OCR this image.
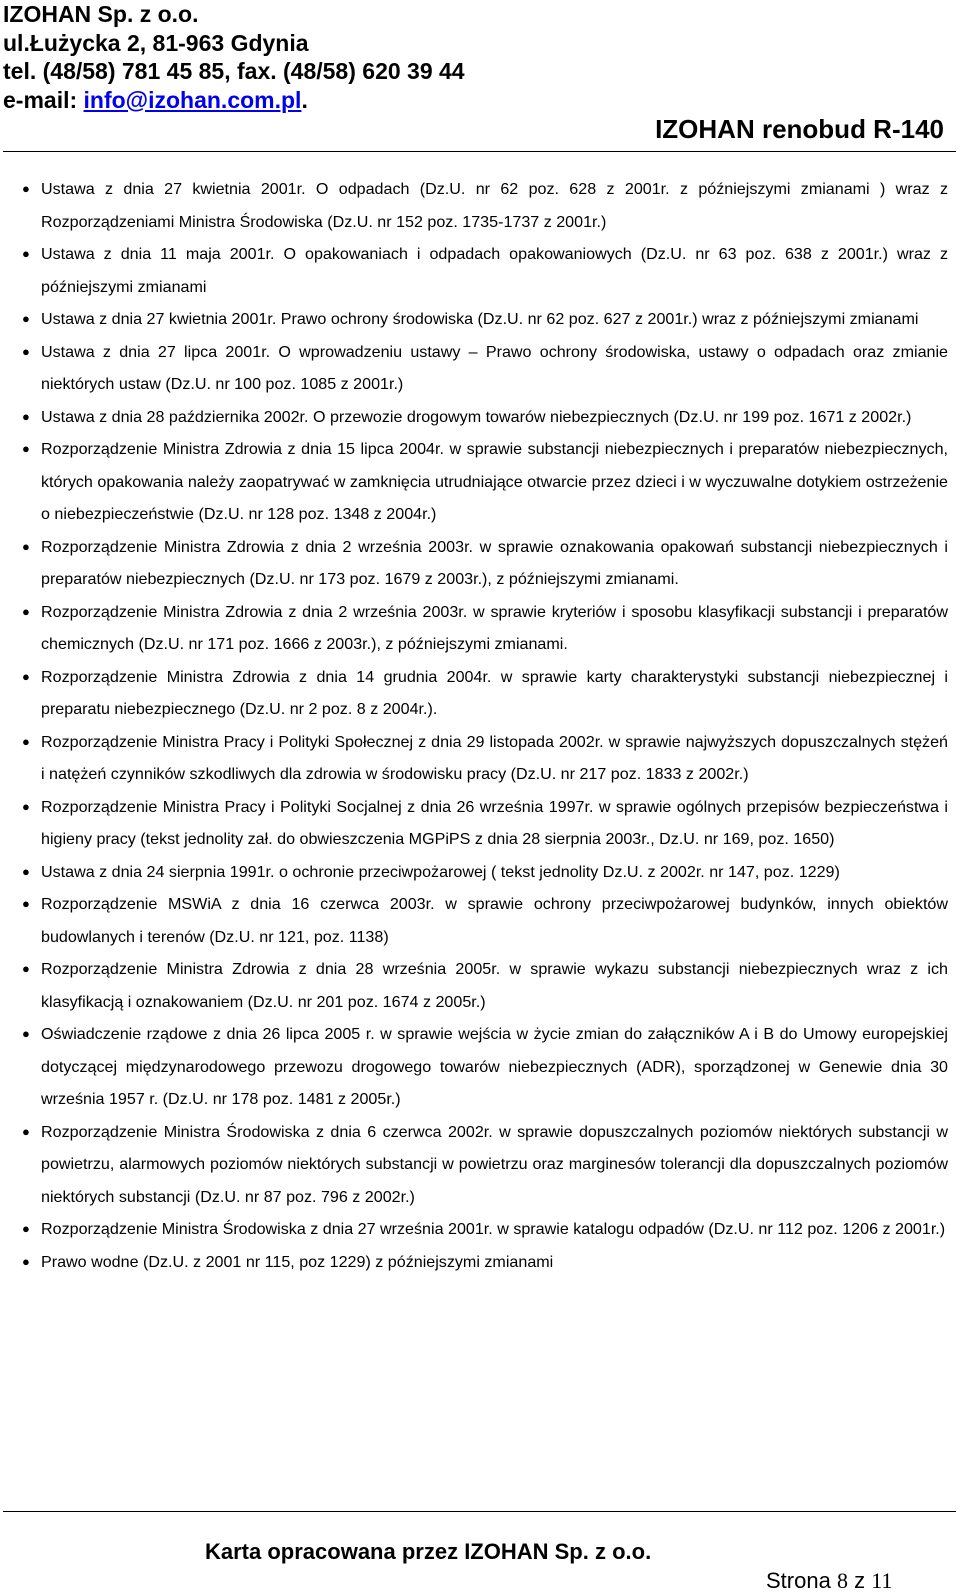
IZOHAN Sp. z o.o.

ul.Łużycka 2, 81-963 Gdynia

tel. (48/58) 781 45 85, fax. (48/58) 620 39 44

e-mail: info@izohan.com.pl.

IZOHAN renobud R-140

● Ustawa z dnia 27 kwietnia 2001r. O odpadach (Dz.U. nr 62 poz. 628 z 2001r. z późniejszymi zmianami ) wraz z Rozporządzeniami Ministra Środowiska (Dz.U. nr 152 poz. 1735-1737 z 2001r.)
● Ustawa z dnia 11 maja 2001r. O opakowaniach i odpadach opakowaniowych (Dz.U. nr 63 poz. 638 z 2001r.) wraz z późniejszymi zmianami
● Ustawa z dnia 27 kwietnia 2001r. Prawo ochrony środowiska (Dz.U. nr 62 poz. 627 z 2001r.) wraz z późniejszymi zmianami
● Ustawa z dnia 27 lipca 2001r. O wprowadzeniu ustawy – Prawo ochrony środowiska, ustawy o odpadach oraz zmianie niektórych ustaw (Dz.U. nr 100 poz. 1085 z 2001r.)
● Ustawa z dnia 28 października 2002r. O przewozie drogowym towarów niebezpiecznych (Dz.U. nr 199 poz. 1671 z 2002r.)
● Rozporządzenie Ministra Zdrowia z dnia 15 lipca 2004r. w sprawie substancji niebezpiecznych i preparatów niebezpiecznych, których opakowania należy zaopatrywać w zamknięcia utrudniające otwarcie przez dzieci i w wyczuwalne dotykiem ostrzeżenie o niebezpieczeństwie (Dz.U. nr 128 poz. 1348 z 2004r.)
● Rozporządzenie Ministra Zdrowia z dnia 2 września 2003r. w sprawie oznakowania opakowań substancji niebezpiecznych i preparatów niebezpiecznych (Dz.U. nr 173 poz. 1679 z 2003r.), z późniejszymi zmianami.
● Rozporządzenie Ministra Zdrowia z dnia 2 września 2003r. w sprawie kryteriów i sposobu klasyfikacji substancji i preparatów chemicznych (Dz.U. nr 171 poz. 1666 z 2003r.), z późniejszymi zmianami.
● Rozporządzenie Ministra Zdrowia z dnia 14 grudnia 2004r. w sprawie karty charakterystyki substancji niebezpiecznej i preparatu niebezpiecznego (Dz.U. nr 2 poz. 8 z 2004r.).
● Rozporządzenie Ministra Pracy i Polityki Społecznej z dnia 29 listopada 2002r. w sprawie najwyższych dopuszczalnych stężeń i natężeń czynników szkodliwych dla zdrowia w środowisku pracy (Dz.U. nr 217 poz. 1833 z 2002r.)
● Rozporządzenie Ministra Pracy i Polityki Socjalnej z dnia 26 września 1997r. w sprawie ogólnych przepisów bezpieczeństwa i higieny pracy (tekst jednolity zał. do obwieszczenia MGPiPS z dnia 28 sierpnia 2003r., Dz.U. nr 169, poz. 1650)
● Ustawa z dnia 24 sierpnia 1991r. o ochronie przeciwpożarowej ( tekst jednolity Dz.U. z 2002r. nr 147, poz. 1229)
● Rozporządzenie MSWiA z dnia 16 czerwca 2003r. w sprawie ochrony przeciwpożarowej budynków, innych obiektów budowlanych i terenów (Dz.U. nr 121, poz. 1138)
● Rozporządzenie Ministra Zdrowia z dnia 28 września 2005r. w sprawie wykazu substancji niebezpiecznych wraz z ich klasyfikacją i oznakowaniem (Dz.U. nr 201 poz. 1674 z 2005r.)
● Oświadczenie rządowe z dnia 26 lipca 2005 r. w sprawie wejścia w życie zmian do załączników A i B do Umowy europejskiej dotyczącej międzynarodowego przewozu drogowego towarów niebezpiecznych (ADR), sporządzonej w Genewie dnia 30 września 1957 r. (Dz.U. nr 178 poz. 1481 z 2005r.)
● Rozporządzenie Ministra Środowiska z dnia 6 czerwca 2002r. w sprawie dopuszczalnych poziomów niektórych substancji w powietrzu, alarmowych poziomów niektórych substancji w powietrzu oraz marginesów tolerancji dla dopuszczalnych poziomów niektórych substancji (Dz.U. nr 87 poz. 796 z 2002r.)
● Rozporządzenie Ministra Środowiska z dnia 27 września 2001r. w sprawie katalogu odpadów (Dz.U. nr 112 poz. 1206 z 2001r.)
● Prawo wodne (Dz.U. z 2001 nr 115, poz 1229) z późniejszymi zmianami
Karta opracowana przez IZOHAN Sp. z o.o.
Strona 8 z 11
